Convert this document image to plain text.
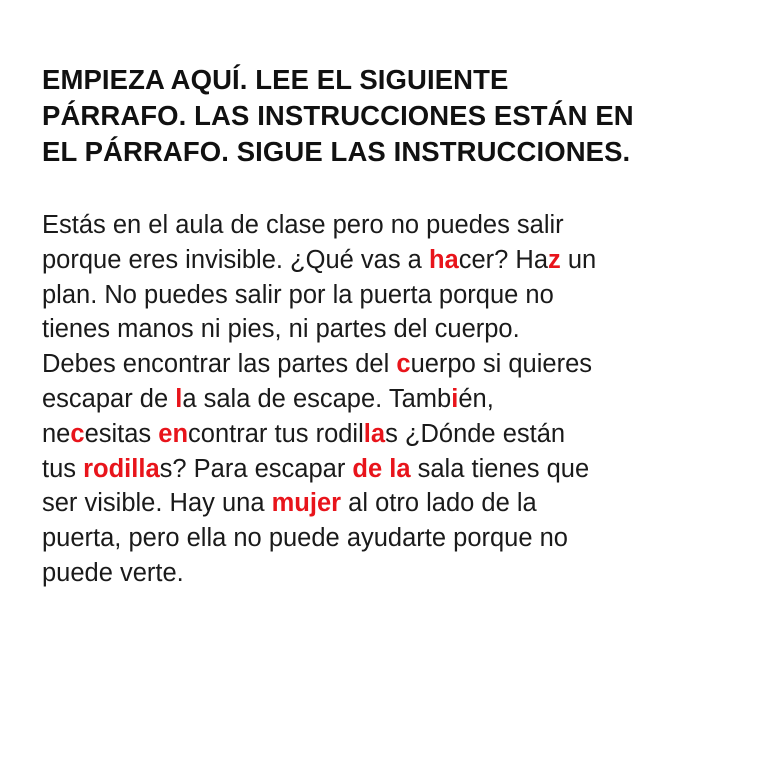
EMPIEZA AQUÍ. LEE EL SIGUIENTE
PÁRRAFO. LAS INSTRUCCIONES ESTÁN EN
EL PÁRRAFO. SIGUE LAS INSTRUCCIONES.

Estás en el aula de clase pero no puedes salir
porque eres invisible. ¿Qué vas a hacer? Haz un
plan. No puedes salir por la puerta porque no
tienes manos ni pies, ni partes del cuerpo.
Debes encontrar las partes del cuerpo si quieres
escapar de la sala de escape. También,
necesitas encontrar tus rodillas ¿Dónde están
tus rodillas? Para escapar de la sala tienes que
ser visible. Hay una mujer al otro lado de la
puerta, pero ella no puede ayudarte porque no
puede verte.
